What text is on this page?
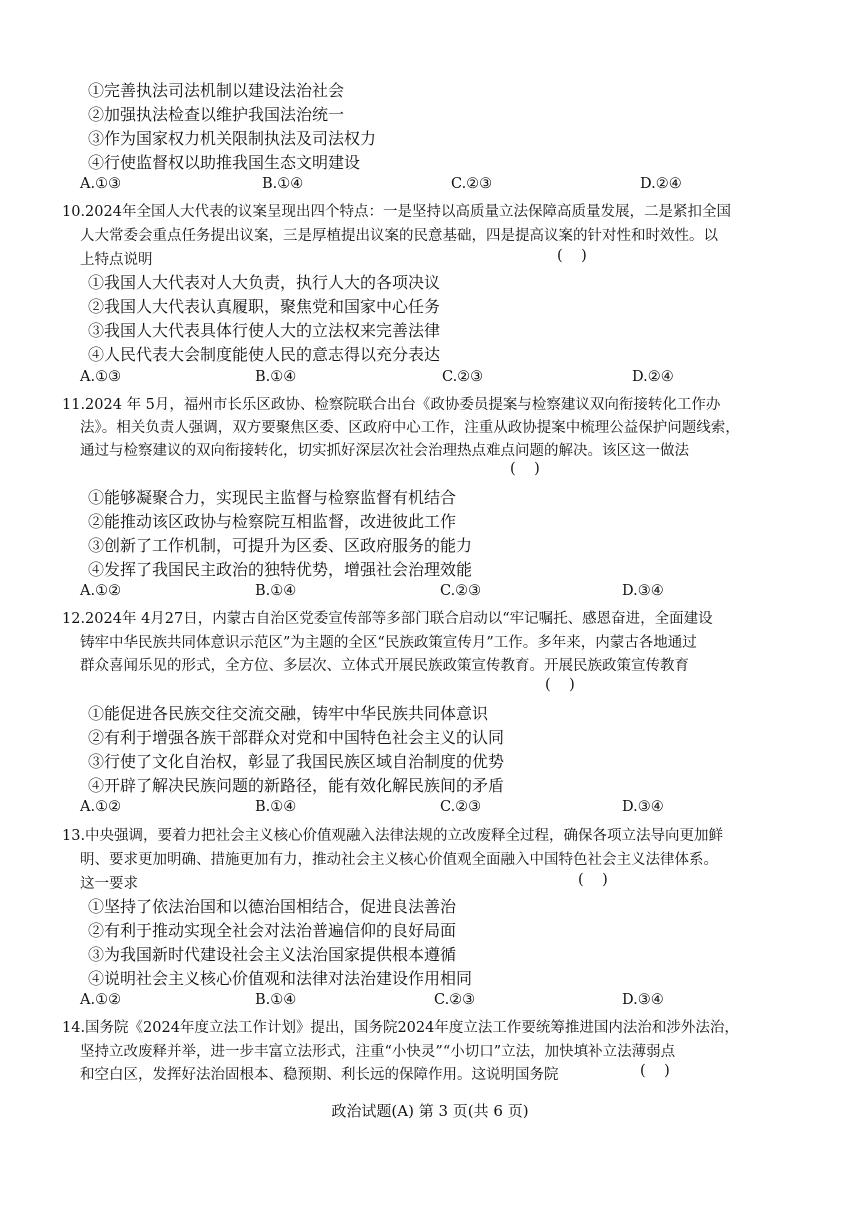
①完善执法司法机制以建设法治社会
②加强执法检查以维护我国法治统一
③作为国家权力机关限制执法及司法权力
④行使监督权以助推我国生态文明建设
A.①③	B.①④	C.②③	D.②④
10.2024年全国人大代表的议案呈现出四个特点：一是坚持以高质量立法保障高质量发展，二是紧扣全国
人大常委会重点任务提出议案，三是厚植提出议案的民意基础，四是提高议案的针对性和时效性。以
上特点说明	(    )
①我国人大代表对人大负责，执行人大的各项决议
②我国人大代表认真履职，聚焦党和国家中心任务
③我国人大代表具体行使人大的立法权来完善法律
④人民代表大会制度能使人民的意志得以充分表达
A.①③	B.①④	C.②③	D.②④
11.2024 年 5月，福州市长乐区政协、检察院联合出台《政协委员提案与检察建议双向衔接转化工作办
法》。相关负责人强调，双方要聚焦区委、区政府中心工作，注重从政协提案中梳理公益保护问题线索，
通过与检察建议的双向衔接转化，切实抓好深层次社会治理热点难点问题的解决。该区这一做法
(    )
①能够凝聚合力，实现民主监督与检察监督有机结合
②能推动该区政协与检察院互相监督，改进彼此工作
③创新了工作机制，可提升为区委、区政府服务的能力
④发挥了我国民主政治的独特优势，增强社会治理效能
A.①②	B.①④	C.②③	D.③④
12.2024年 4月27日，内蒙古自治区党委宣传部等多部门联合启动以“牢记嘱托、感恩奋进，全面建设
铸牢中华民族共同体意识示范区”为主题的全区“民族政策宣传月”工作。多年来，内蒙古各地通过
群众喜闻乐见的形式，全方位、多层次、立体式开展民族政策宣传教育。开展民族政策宣传教育
(    )
①能促进各民族交往交流交融，铸牢中华民族共同体意识
②有利于增强各族干部群众对党和中国特色社会主义的认同
③行使了文化自治权，彰显了我国民族区域自治制度的优势
④开辟了解决民族问题的新路径，能有效化解民族间的矛盾
A.①②	B.①④	C.②③	D.③④
13.中央强调，要着力把社会主义核心价值观融入法律法规的立改废释全过程，确保各项立法导向更加鲜
明、要求更加明确、措施更加有力，推动社会主义核心价值观全面融入中国特色社会主义法律体系。
这一要求	(    )
①坚持了依法治国和以德治国相结合，促进良法善治
②有利于推动实现全社会对法治普遍信仰的良好局面
③为我国新时代建设社会主义法治国家提供根本遵循
④说明社会主义核心价值观和法律对法治建设作用相同
A.①②	B.①④	C.②③	D.③④
14.国务院《2024年度立法工作计划》提出，国务院2024年度立法工作要统筹推进国内法治和涉外法治，
坚持立改废释并举，进一步丰富立法形式，注重“小快灵”“小切口”立法，加快填补立法薄弱点
和空白区，发挥好法治固根本、稳预期、利长远的保障作用。这说明国务院	(    )
政治试题(A) 第 3 页(共 6 页)
